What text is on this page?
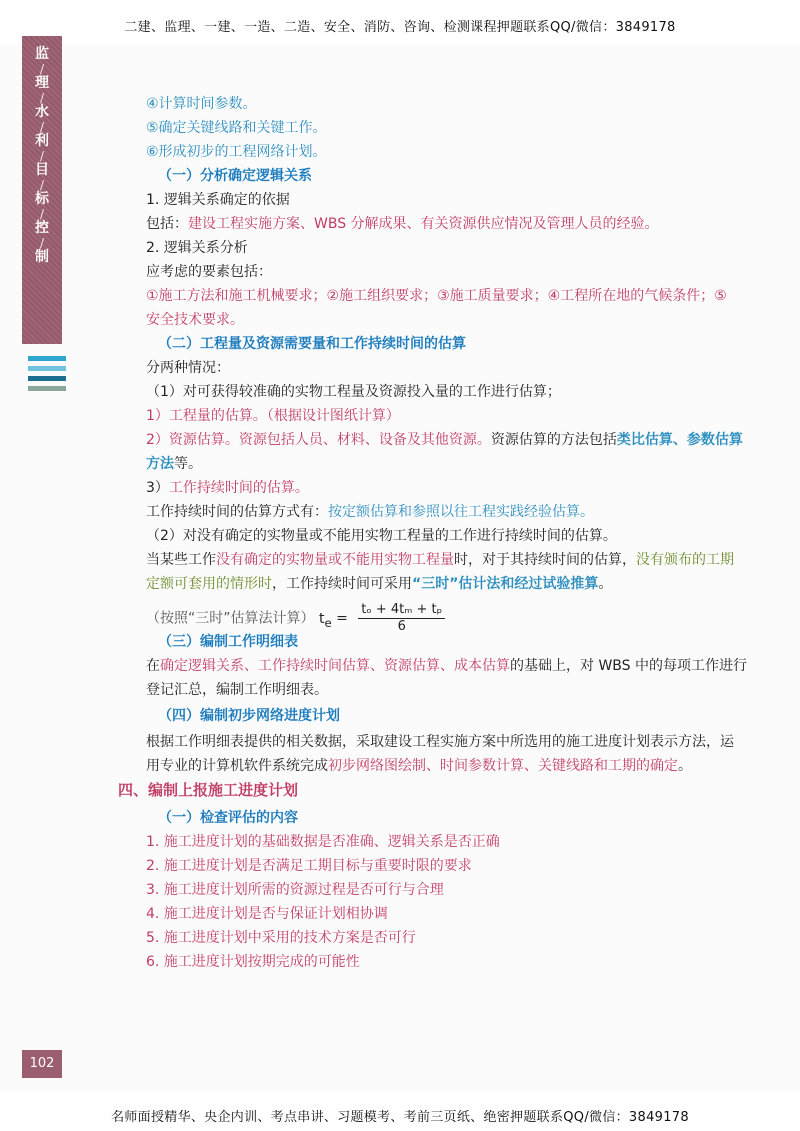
二建、监理、一建、一造、二造、安全、消防、咨询、检测课程押题联系QQ/微信：3849178
监
/
理
/
水
/
利
/
目
/
标
/
控
/
制
④计算时间参数。
⑤确定关键线路和关键工作。
⑥形成初步的工程网络计划。
（一）分析确定逻辑关系
1. 逻辑关系确定的依据
包括：建设工程实施方案、WBS 分解成果、有关资源供应情况及管理人员的经验。
2. 逻辑关系分析
应考虑的要素包括：
①施工方法和施工机械要求；②施工组织要求；③施工质量要求；④工程所在地的气候条件；⑤
安全技术要求。
（二）工程量及资源需要量和工作持续时间的估算
分两种情况：
（1）对可获得较准确的实物工程量及资源投入量的工作进行估算；
1）工程量的估算。（根据设计图纸计算）
2）资源估算。资源包括人员、材料、设备及其他资源。资源估算的方法包括类比估算、参数估算
方法等。
3）工作持续时间的估算。
工作持续时间的估算方式有：按定额估算和参照以往工程实践经验估算。
（2）对没有确定的实物量或不能用实物工程量的工作进行持续时间的估算。
当某些工作没有确定的实物量或不能用实物工程量时，对于其持续时间的估算，没有颁布的工期
定额可套用的情形时，工作持续时间可采用“三时”估计法和经过试验推算。
（按照“三时”估算法计算） $t_e = \frac{\text{tₒ + 4tₘ + tₚ}}{6}$
（三）编制工作明细表
在确定逻辑关系、工作持续时间估算、资源估算、成本估算的基础上，对 WBS 中的每项工作进行
登记汇总，编制工作明细表。
（四）编制初步网络进度计划
根据工作明细表提供的相关数据，采取建设工程实施方案中所选用的施工进度计划表示方法，运
用专业的计算机软件系统完成初步网络图绘制、时间参数计算、关键线路和工期的确定。
四、编制上报施工进度计划
（一）检查评估的内容
1. 施工进度计划的基础数据是否准确、逻辑关系是否正确
2. 施工进度计划是否满足工期目标与重要时限的要求
3. 施工进度计划所需的资源过程是否可行与合理
4. 施工进度计划是否与保证计划相协调
5. 施工进度计划中采用的技术方案是否可行
6. 施工进度计划按期完成的可能性
102
名师面授精华、央企内训、考点串讲、习题模考、考前三页纸、绝密押题联系QQ/微信：3849178
